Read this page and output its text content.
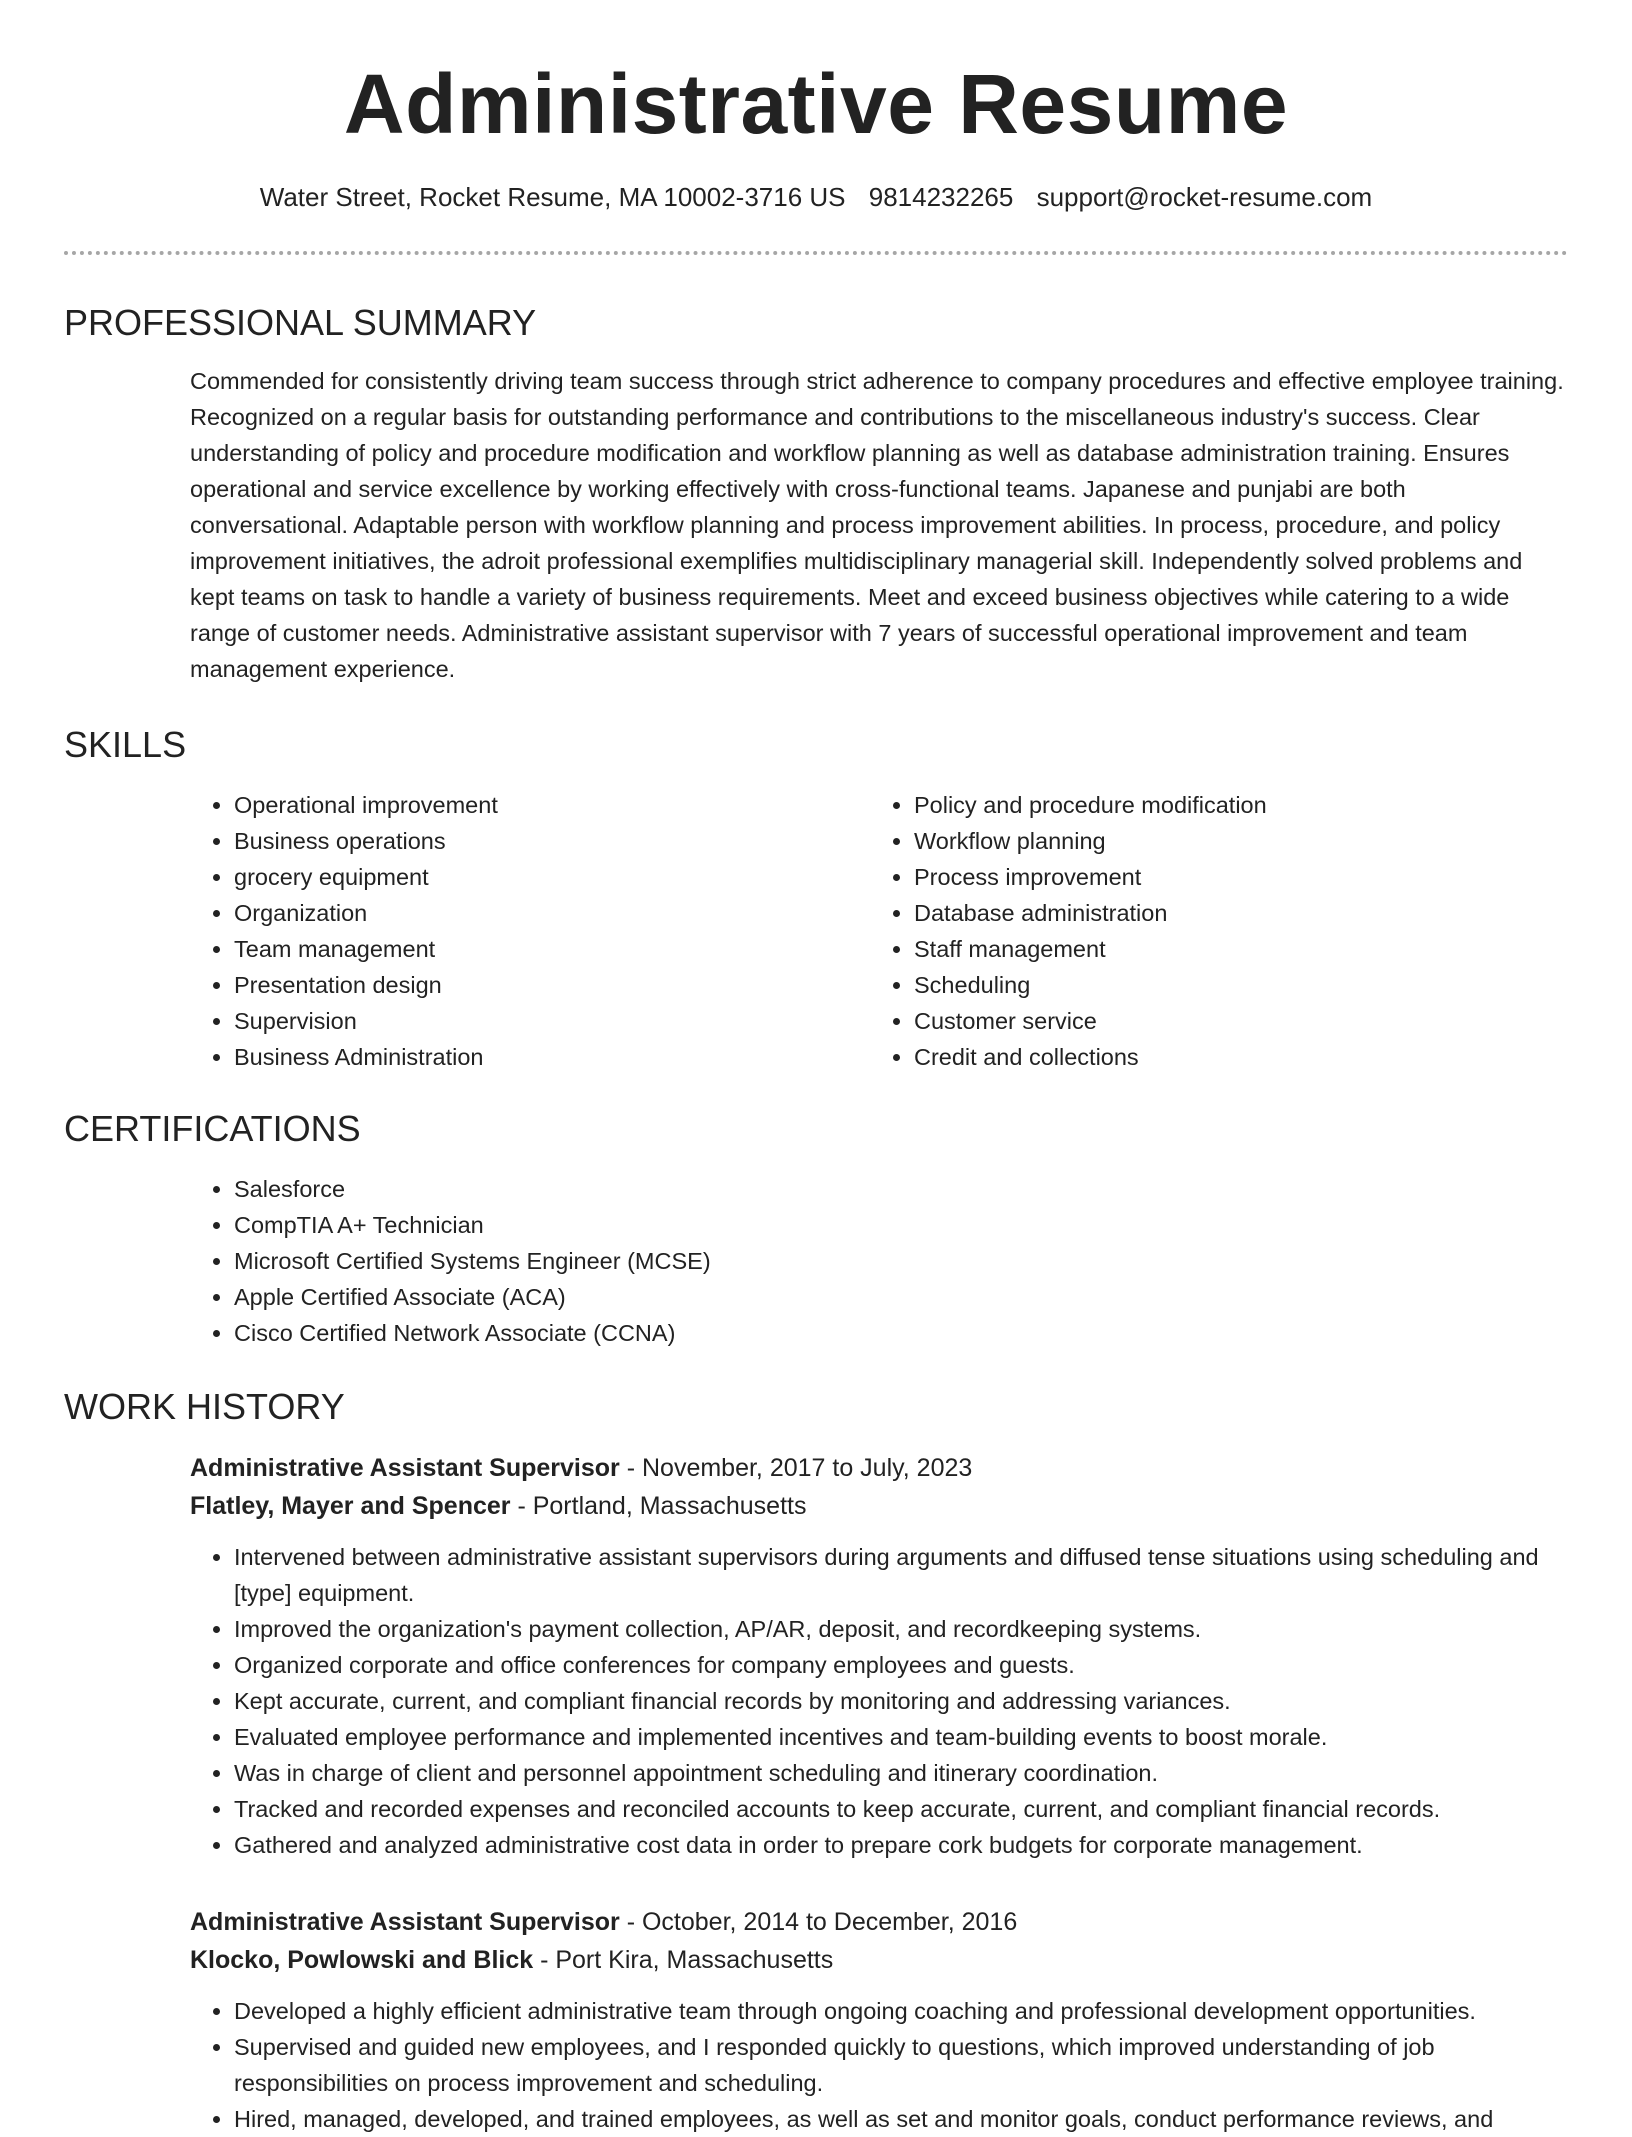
Administrative Resume
Water Street, Rocket Resume, MA 10002-3716 US 9814232265 support@rocket-resume.com
PROFESSIONAL SUMMARY
Commended for consistently driving team success through strict adherence to company procedures and effective employee training. Recognized on a regular basis for outstanding performance and contributions to the miscellaneous industry's success. Clear understanding of policy and procedure modification and workflow planning as well as database administration training. Ensures operational and service excellence by working effectively with cross-functional teams. Japanese and punjabi are both conversational. Adaptable person with workflow planning and process improvement abilities. In process, procedure, and policy improvement initiatives, the adroit professional exemplifies multidisciplinary managerial skill. Independently solved problems and kept teams on task to handle a variety of business requirements. Meet and exceed business objectives while catering to a wide range of customer needs. Administrative assistant supervisor with 7 years of successful operational improvement and team management experience.
SKILLS
• Operational improvement
• Business operations
• grocery equipment
• Organization
• Team management
• Presentation design
• Supervision
• Business Administration
• Policy and procedure modification
• Workflow planning
• Process improvement
• Database administration
• Staff management
• Scheduling
• Customer service
• Credit and collections
CERTIFICATIONS
• Salesforce
• CompTIA A+ Technician
• Microsoft Certified Systems Engineer (MCSE)
• Apple Certified Associate (ACA)
• Cisco Certified Network Associate (CCNA)
WORK HISTORY
Administrative Assistant Supervisor - November, 2017 to July, 2023
Flatley, Mayer and Spencer - Portland, Massachusetts
• Intervened between administrative assistant supervisors during arguments and diffused tense situations using scheduling and [type] equipment.
• Improved the organization's payment collection, AP/AR, deposit, and recordkeeping systems.
• Organized corporate and office conferences for company employees and guests.
• Kept accurate, current, and compliant financial records by monitoring and addressing variances.
• Evaluated employee performance and implemented incentives and team-building events to boost morale.
• Was in charge of client and personnel appointment scheduling and itinerary coordination.
• Tracked and recorded expenses and reconciled accounts to keep accurate, current, and compliant financial records.
• Gathered and analyzed administrative cost data in order to prepare cork budgets for corporate management.
Administrative Assistant Supervisor - October, 2014 to December, 2016
Klocko, Powlowski and Blick - Port Kira, Massachusetts
• Developed a highly efficient administrative team through ongoing coaching and professional development opportunities.
• Supervised and guided new employees, and I responded quickly to questions, which improved understanding of job responsibilities on process improvement and scheduling.
• Hired, managed, developed, and trained employees, as well as set and monitor goals, conduct performance reviews, and
